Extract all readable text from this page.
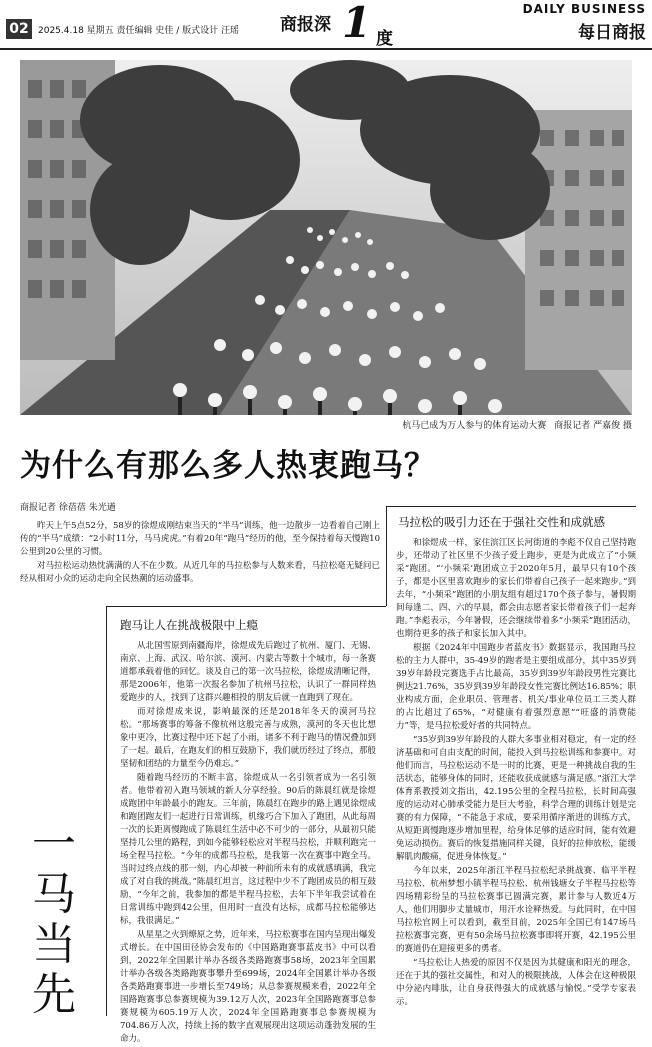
02	2025.4.18 星期五 责任编辑 史佳 / 版式设计 汪瑶 商报深 1 度
DAILY BUSINESS
每日商报
杭马已成为万人参与的体育运动大赛 商报记者 严嘉俊 摄
为什么有那么多人热衷跑马？
商报记者 徐蓓蓓 朱光遒

昨天上午5点52分，58岁的徐煜成刚结束当天的“半马”训练，他一边散步一边看着自己刚上传的“半马”成绩：“2小时11分，马马虎虎。”有着20年“跑马”经历的他，至今保持着每天慢跑10公里到20公里的习惯。

对马拉松运动热忱满满的人不在少数。从近几年的马拉松参与人数来看，马拉松毫无疑问已经从相对小众的运动走向全民热潮的运动盛事。

跑马让人在挑战极限中上瘾

从北国雪原到南疆海岸，徐煜成先后跑过了杭州、厦门、无锡、南京、上海、武汉、哈尔滨、漠河、内蒙古等数十个城市，每一条赛道都承载着他的回忆。谈及自己的第一次马拉松，徐煜成清晰记得，那是2006年，他第一次报名参加了杭州马拉松，认识了一群同样热爱跑步的人，找到了这群兴趣相投的朋友后就一直跑到了现在。

而对徐煜成来说，影响最深的还是2018年冬天的漠河马拉松。“那场赛事的筹备不像杭州这般完善与成熟，漠河的冬天也比想象中更冷，比赛过程中还下起了小雨，诸多不利于跑马的情况叠加到了一起。最后，在跑友们的相互鼓励下，我们就历经过了终点，那般坚韧和团结的力量至今仍难忘。”

随着跑马经历的不断丰富，徐煜成从一名引领者成为一名引领者。他带着初入跑马领域的新人分享经验。90后的陈晨红就是徐煜成跑团中年龄最小的跑友。三年前，陈晨红在跑步的路上遇见徐煜成和跑团跑友们一起进行日常训练，机缘巧合下加入了跑团，从此每周一次的长距离慢跑成了陈晨红生活中必不可少的一部分，从最初只能坚持几公里的路程，到如今能够轻松应对半程马拉松，并顺利跑完一场全程马拉松。“今年的成都马拉松，是我第一次在赛事中跑全马。当时过终点线的那一刻，内心却被一种前所未有的成就感填满，我完成了对自我的挑战。”陈晨红坦言，这过程中少不了跑团成员的相互鼓励，“今年之前，我参加的都是半程马拉松，去年下半年我尝试着在日常训练中跑到42公里，但用时一直没有达标，成都马拉松能够达标，我很满足。”

从星星之火到燎原之势，近年来，马拉松赛事在国内呈现出爆发式增长。在中国田径协会发布的《中国路跑赛事蓝皮书》中可以看到，2022年全国累计举办各级各类路跑赛事58场，2023年全国累计举办各级各类路跑赛事攀升至699场，2024年全国累计举办各级各类路跑赛事进一步增长至749场；从总参赛规模来看，2022年全国路跑赛事总参赛规模为39.12万人次，2023年全国路跑赛事总参赛规模为605.19万人次，2024年全国路跑赛事总参赛规模为704.86万人次，持续上扬的数字直观展现出这项运动蓬勃发展的生命力。

马拉松的吸引力还在于强社交性和成就感

和徐煜成一样，家住滨江区长河街道的李彪不仅自己坚持跑步，还带动了社区里不少孩子爱上跑步，更是为此成立了“小频采”跑团。“‘小频采’跑团成立于2020年5月，最早只有10个孩子，都是小区里喜欢跑步的家长们带着自己孩子一起来跑步。”到去年，“小频采”跑团的小朋友组有超过170个孩子参与，暑假期间每逢二、四、六的早晨，都会由志愿者家长带着孩子们一起奔跑。”李彪表示，今年暑假，还会继续带着多“小频采”跑团活动，也期待更多的孩子和家长加入其中。

根据《2024年中国跑步者蓝皮书》数据显示，我国跑马拉松的主力人群中，35-49岁的跑者是主要组成部分，其中35岁到39岁年龄段完赛选手占比最高，35岁到39岁年龄段男性完赛比例达21.76%，35岁到39岁年龄段女性完赛比例达16.85%；职业构成方面，企业职员、管理者、机关/事业单位员工三类人群的占比超过了65%，“对健康有着强烈意愿”“旺盛的消费能力”等，是马拉松爱好者的共同特点。

“35岁到39岁年龄段的人群大多事业相对稳定，有一定的经济基础和可自由支配的时间，能投入到马拉松训练和参赛中。对他们而言，马拉松运动不是一时的比赛，更是一种挑战自我的生活状态，能够身体的同时，还能收获成就感与满足感。”浙江大学体育系教授刘文指出，42.195公里的全程马拉松，长时间高强度的运动对心肺承受能力是巨大考验，科学合理的训练计划是完赛的有力保障，“不能急于求成，要采用循序渐进的训练方式，从短距离慢跑逐步增加里程，给身体足够的适应时间，能有效避免运动损伤。赛后的恢复措施同样关键，良好的拉伸放松，能缓解肌肉酸痛，促进身体恢复。”

今年以来，2025年浙江半程马拉松纪录挑战赛、临平半程马拉松、杭州梦想小镇半程马拉松、杭州钱塘女子半程马拉松等四场精彩纷呈的马拉松赛事已圆满完赛，累计参与人数近4万人，他们用脚步丈量城市，用汗水诠释热爱。与此同时，在中国马拉松官网上可以看到，截至目前，2025年全国已有147场马拉松赛事完赛，更有50余场马拉松赛事即将开赛，42.195公里的赛道仍在迎接更多的勇者。

“马拉松让人热爱的原因不仅是因为其健康和阳光的理念，还在于其的强社交属性，和对人的极限挑战，人体会在这种极限中分泌内啡肽，让自身获得强大的成就感与愉悦。”受学专家表示。

一
马
当
先
